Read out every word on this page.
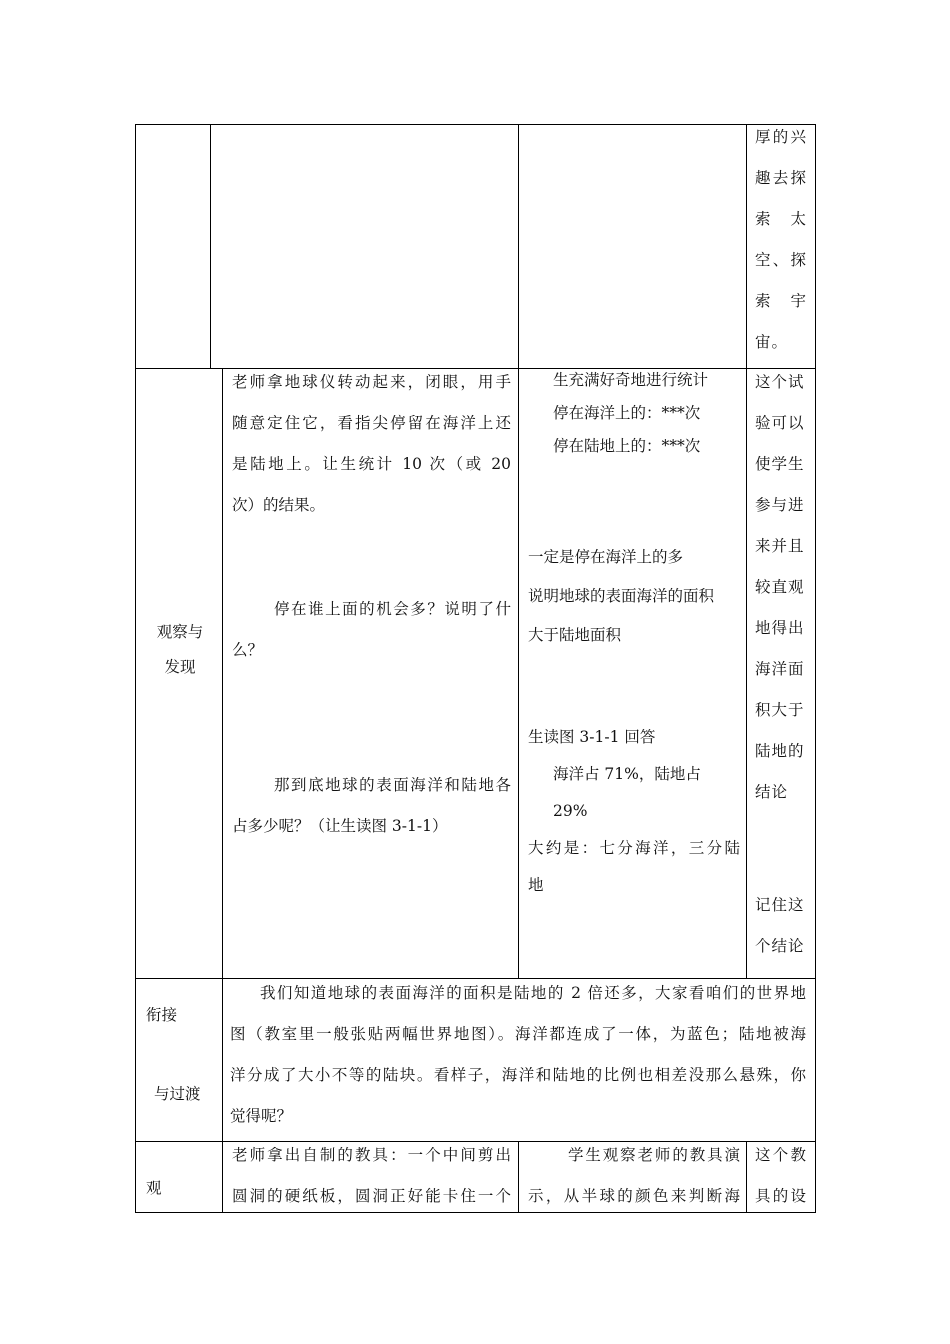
厚的兴

趣去探

索　太

空、探

索　宇

宙。

观察与

发现

老师拿地球仪转动起来，闭眼，用手

随意定住它，看指尖停留在海洋上还

是陆地上。让生统计 10 次（或 20

次）的结果。

停在谁上面的机会多？说明了什

么？

那到底地球的表面海洋和陆地各

占多少呢？（让生读图 3-1-1）

生充满好奇地进行统计

停在海洋上的：***次

停在陆地上的：***次

一定是停在海洋上的多

说明地球的表面海洋的面积

大于陆地面积

生读图 3-1-1 回答

海洋占 71%，陆地占 29%

大约是：七分海洋，三分陆

地

这个试

验可以

使学生

参与进

来并且

较直观

地得出

海洋面

积大于

陆地的

结论

记住这

个结论

衔接
与过渡

我们知道地球的表面海洋的面积是陆地的 2 倍还多，大家看咱们的世界地

图（教室里一般张贴两幅世界地图）。海洋都连成了一体，为蓝色；陆地被海

洋分成了大小不等的陆块。看样子，海洋和陆地的比例也相差没那么悬殊，你

觉得呢？

观

老师拿出自制的教具：一个中间剪出

圆洞的硬纸板，圆洞正好能卡住一个

学生观察老师的教具演

示，从半球的颜色来判断海

这个教

具的设
